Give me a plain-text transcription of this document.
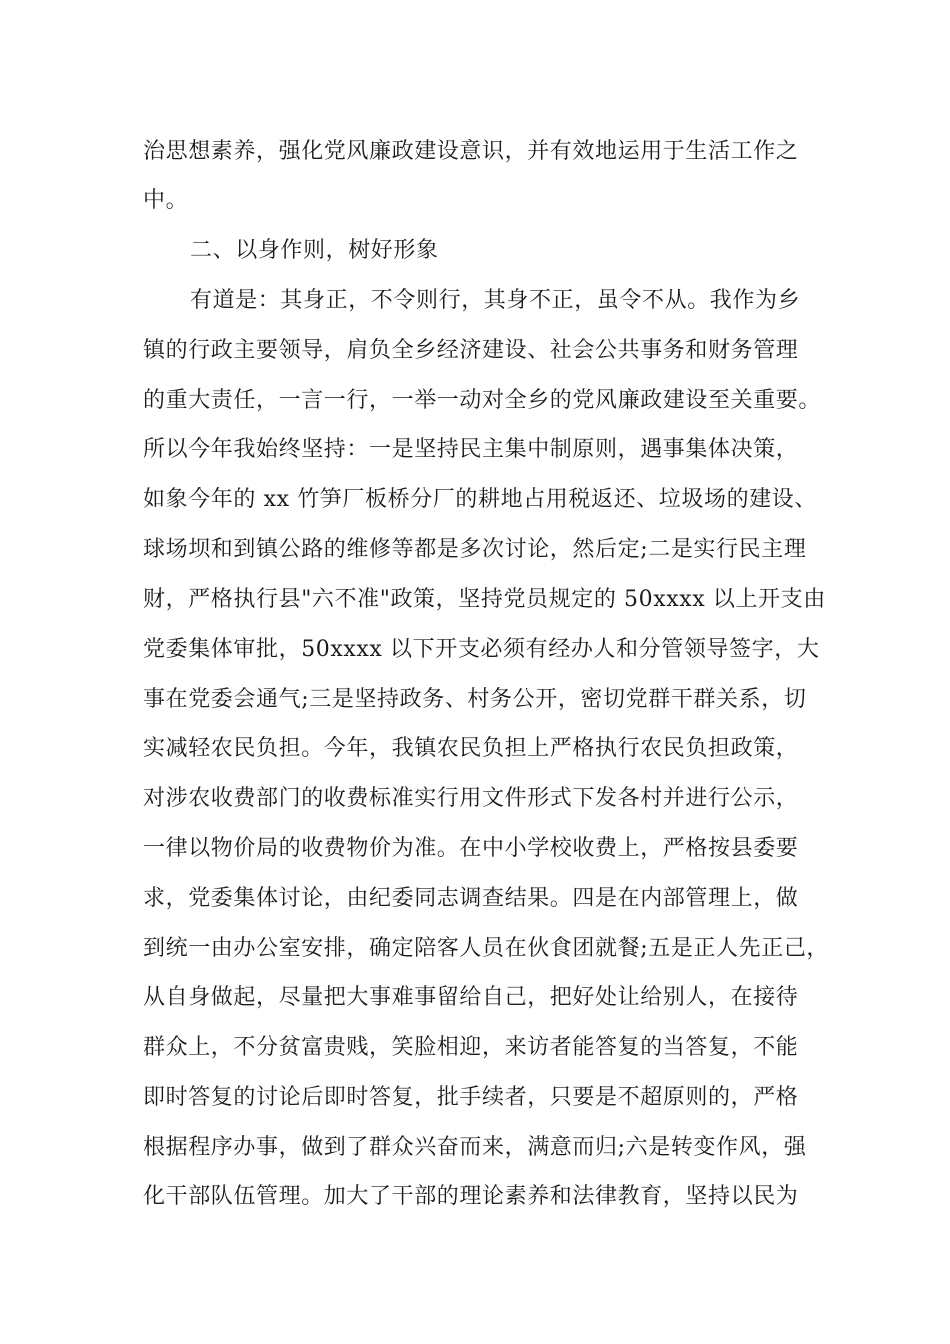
治思想素养，强化党风廉政建设意识，并有效地运用于生活工作之
中。
二、以身作则，树好形象
有道是：其身正，不令则行，其身不正，虽令不从。我作为乡
镇的行政主要领导，肩负全乡经济建设、社会公共事务和财务管理
的重大责任，一言一行，一举一动对全乡的党风廉政建设至关重要。
所以今年我始终坚持：一是坚持民主集中制原则，遇事集体决策，
如象今年的 xx 竹笋厂板桥分厂的耕地占用税返还、垃圾场的建设、
球场坝和到镇公路的维修等都是多次讨论，然后定;二是实行民主理
财，严格执行县"六不准"政策，坚持党员规定的 50xxxx 以上开支由
党委集体审批，50xxxx 以下开支必须有经办人和分管领导签字，大
事在党委会通气;三是坚持政务、村务公开，密切党群干群关系，切
实减轻农民负担。今年，我镇农民负担上严格执行农民负担政策，
对涉农收费部门的收费标准实行用文件形式下发各村并进行公示，
一律以物价局的收费物价为准。在中小学校收费上，严格按县委要
求，党委集体讨论，由纪委同志调查结果。四是在内部管理上，做
到统一由办公室安排，确定陪客人员在伙食团就餐;五是正人先正己，
从自身做起，尽量把大事难事留给自己，把好处让给别人，在接待
群众上，不分贫富贵贱，笑脸相迎，来访者能答复的当答复，不能
即时答复的讨论后即时答复，批手续者，只要是不超原则的，严格
根据程序办事，做到了群众兴奋而来，满意而归;六是转变作风，强
化干部队伍管理。加大了干部的理论素养和法律教育，坚持以民为
